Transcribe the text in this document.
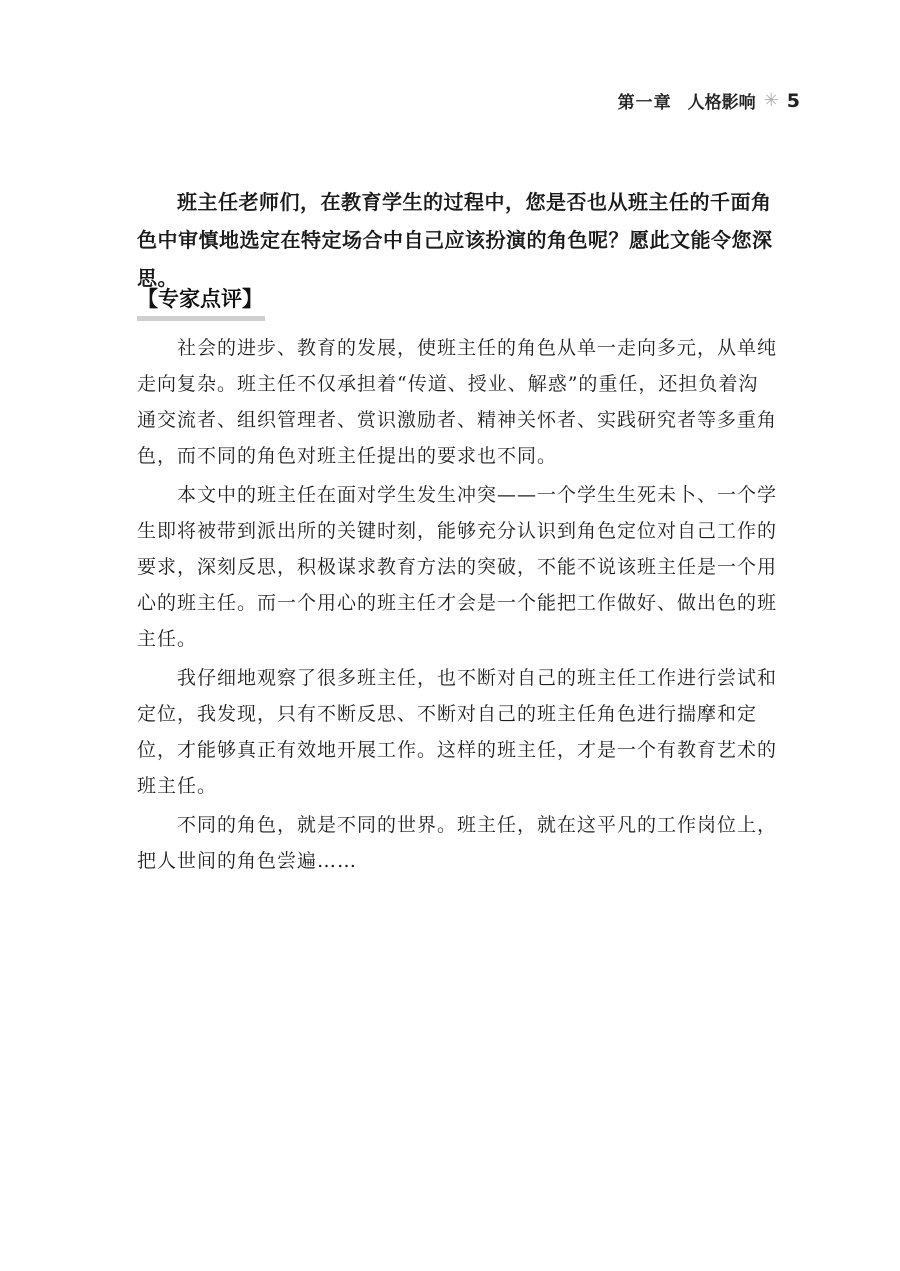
第一章 人格影响 ✳ 5

班主任老师们，在教育学生的过程中，您是否也从班主任的千面角色中审慎地选定在特定场合中自己应该扮演的角色呢？愿此文能令您深思。

【专家点评】

社会的进步、教育的发展，使班主任的角色从单一走向多元，从单纯走向复杂。班主任不仅承担着“传道、授业、解惑”的重任，还担负着沟通交流者、组织管理者、赏识激励者、精神关怀者、实践研究者等多重角色，而不同的角色对班主任提出的要求也不同。

本文中的班主任在面对学生发生冲突——一个学生生死未卜、一个学生即将被带到派出所的关键时刻，能够充分认识到角色定位对自己工作的要求，深刻反思，积极谋求教育方法的突破，不能不说该班主任是一个用心的班主任。而一个用心的班主任才会是一个能把工作做好、做出色的班主任。

我仔细地观察了很多班主任，也不断对自己的班主任工作进行尝试和定位，我发现，只有不断反思、不断对自己的班主任角色进行揣摩和定位，才能够真正有效地开展工作。这样的班主任，才是一个有教育艺术的班主任。

不同的角色，就是不同的世界。班主任，就在这平凡的工作岗位上，把人世间的角色尝遍……
